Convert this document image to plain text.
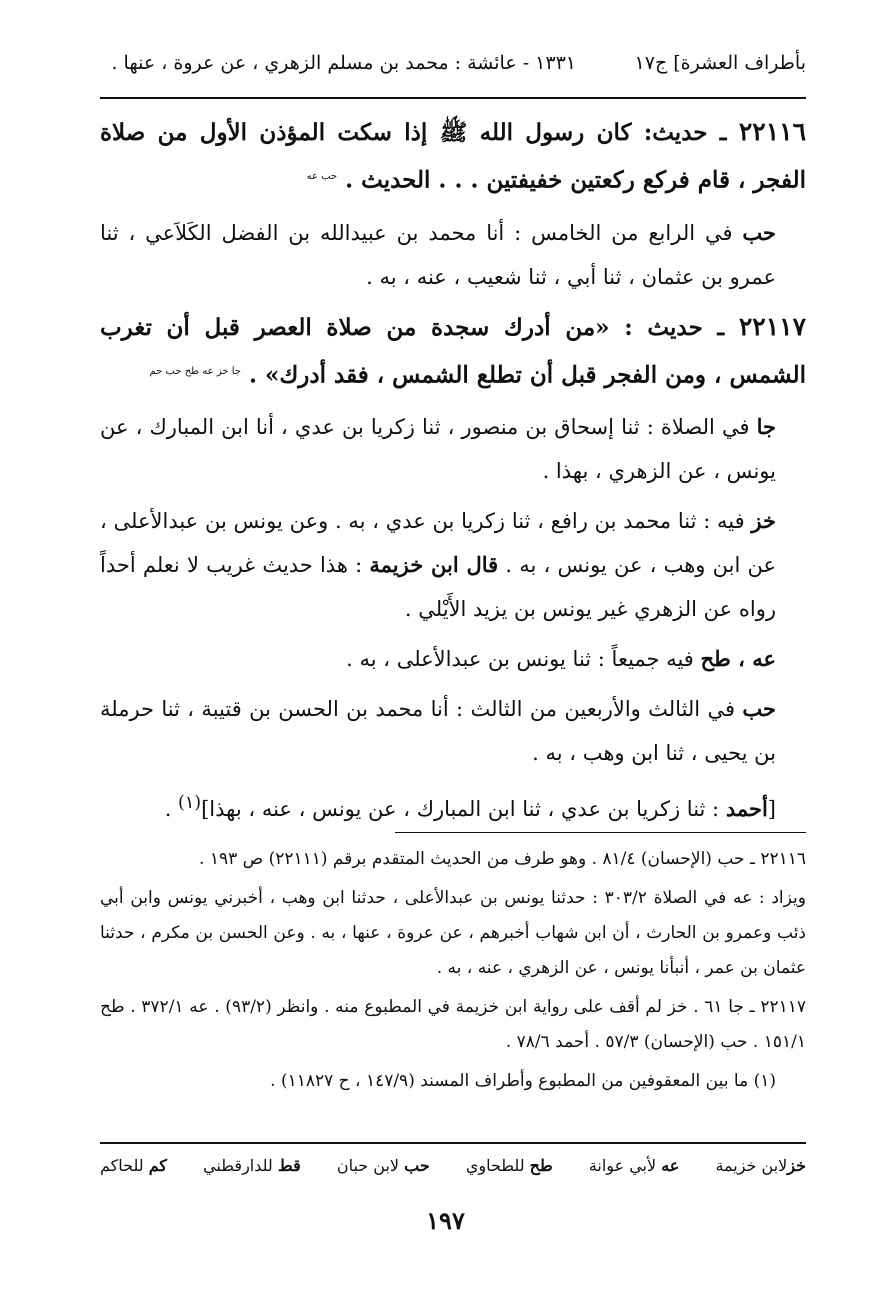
بأطراف العشرة] ج١٧
١٣٣١ - عائشة : محمد بن مسلم الزهري ، عن عروة ، عنها .

٢٢١١٦ ـ حديث: كان رسول الله ﷺ إذا سكت المؤذن الأول من صلاة الفجر ، قام فركع ركعتين خفيفتين . . . الحديث . $^{حب عه}$

حب في الرابع من الخامس : أنا محمد بن عبيدالله بن الفضل الكَلاَعي ، ثنا عمرو بن عثمان ، ثنا أبي ، ثنا شعيب ، عنه ، به .

٢٢١١٧ ـ حديث : «من أدرك سجدة من صلاة العصر قبل أن تغرب الشمس ، ومن الفجر قبل أن تطلع الشمس ، فقد أدرك» . $^{جا خز عه طح حب حم}$

جا في الصلاة : ثنا إسحاق بن منصور ، ثنا زكريا بن عدي ، أنا ابن المبارك ، عن يونس ، عن الزهري ، بهذا .

خز فيه : ثنا محمد بن رافع ، ثنا زكريا بن عدي ، به . وعن يونس بن عبدالأعلى ، عن ابن وهب ، عن يونس ، به . قال ابن خزيمة : هذا حديث غريب لا نعلم أحداً رواه عن الزهري غير يونس بن يزيد الأَيْلي .

عه ، طح فيه جميعاً : ثنا يونس بن عبدالأعلى ، به .

حب في الثالث والأربعين من الثالث : أنا محمد بن الحسن بن قتيبة ، ثنا حرملة بن يحيى ، ثنا ابن وهب ، به .

[أحمد : ثنا زكريا بن عدي ، ثنا ابن المبارك ، عن يونس ، عنه ، بهذا]$^{(١)}$ .

٢٢١١٦ ـ حب (الإحسان) ٨١/٤ . وهو طرف من الحديث المتقدم برقم (٢٢١١١) ص ١٩٣ .

ويزاد : عه في الصلاة ٣٠٣/٢ : حدثنا يونس بن عبدالأعلى ، حدثنا ابن وهب ، أخبرني يونس وابن أبي ذئب وعمرو بن الحارث ، أن ابن شهاب أخبرهم ، عن عروة ، عنها ، به . وعن الحسن بن مكرم ، حدثنا عثمان بن عمر ، أنبأنا يونس ، عن الزهري ، عنه ، به .

٢٢١١٧ ـ جا ٦١ . خز لم أقف على رواية ابن خزيمة في المطبوع منه . وانظر (٩٣/٢) . عه ٣٧٢/١ . طح ١٥١/١ . حب (الإحسان) ٥٧/٣ . أحمد ٧٨/٦ .

(١) ما بين المعقوفين من المطبوع وأطراف المسند (١٤٧/٩ ، ح ١١٨٢٧) .

خزلابن خزيمة
عه لأبي عوانة
طح للطحاوي
حب لابن حبان
قط للدارقطني
كم للحاكم
١٩٧
